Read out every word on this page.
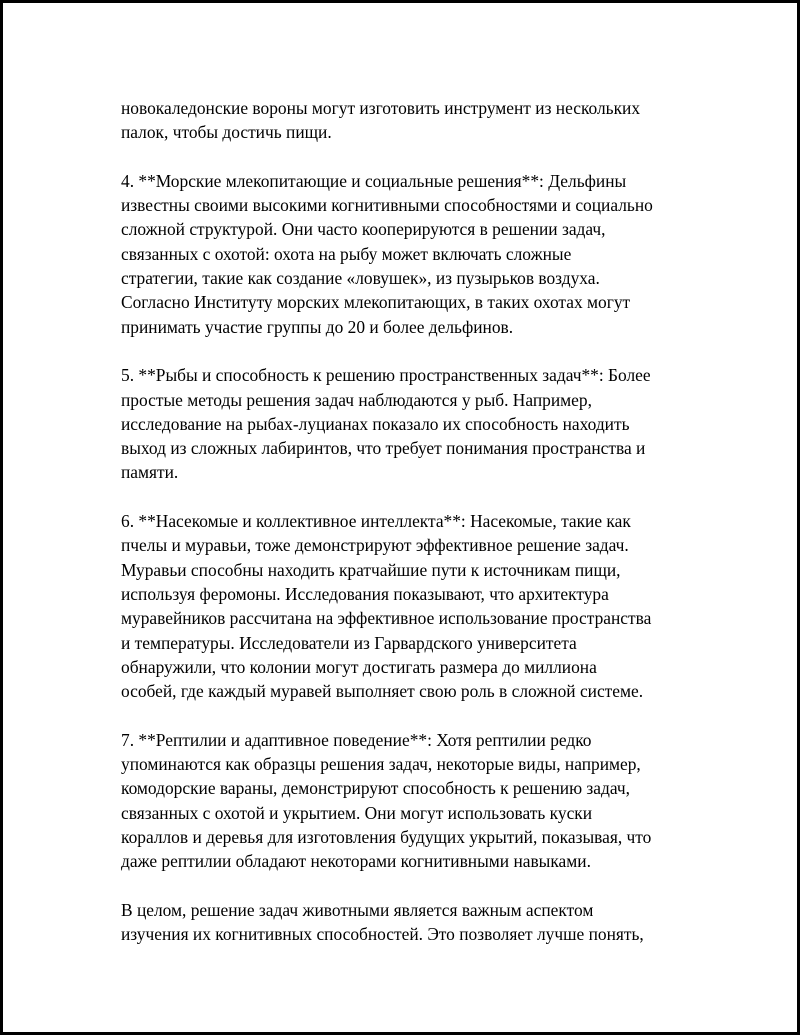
новокаледонские вороны могут изготовить инструмент из нескольких
палок, чтобы достичь пищи.
4. **Морские млекопитающие и социальные решения**: Дельфины
известны своими высокими когнитивными способностями и социально
сложной структурой. Они часто кооперируются в решении задач,
связанных с охотой: охота на рыбу может включать сложные
стратегии, такие как создание «ловушек», из пузырьков воздуха.
Согласно Институту морских млекопитающих, в таких охотах могут
принимать участие группы до 20 и более дельфинов.
5. **Рыбы и способность к решению пространственных задач**: Более
простые методы решения задач наблюдаются у рыб. Например,
исследование на рыбах-луцианах показало их способность находить
выход из сложных лабиринтов, что требует понимания пространства и
памяти.
6. **Насекомые и коллективное интеллекта**: Насекомые, такие как
пчелы и муравьи, тоже демонстрируют эффективное решение задач.
Муравьи способны находить кратчайшие пути к источникам пищи,
используя феромоны. Исследования показывают, что архитектура
муравейников рассчитана на эффективное использование пространства
и температуры. Исследователи из Гарвардского университета
обнаружили, что колонии могут достигать размера до миллиона
особей, где каждый муравей выполняет свою роль в сложной системе.
7. **Рептилии и адаптивное поведение**: Хотя рептилии редко
упоминаются как образцы решения задач, некоторые виды, например,
комодорские вараны, демонстрируют способность к решению задач,
связанных с охотой и укрытием. Они могут использовать куски
кораллов и деревья для изготовления будущих укрытий, показывая, что
даже рептилии обладают некоторами когнитивными навыками.
В целом, решение задач животными является важным аспектом
изучения их когнитивных способностей. Это позволяет лучше понять,
